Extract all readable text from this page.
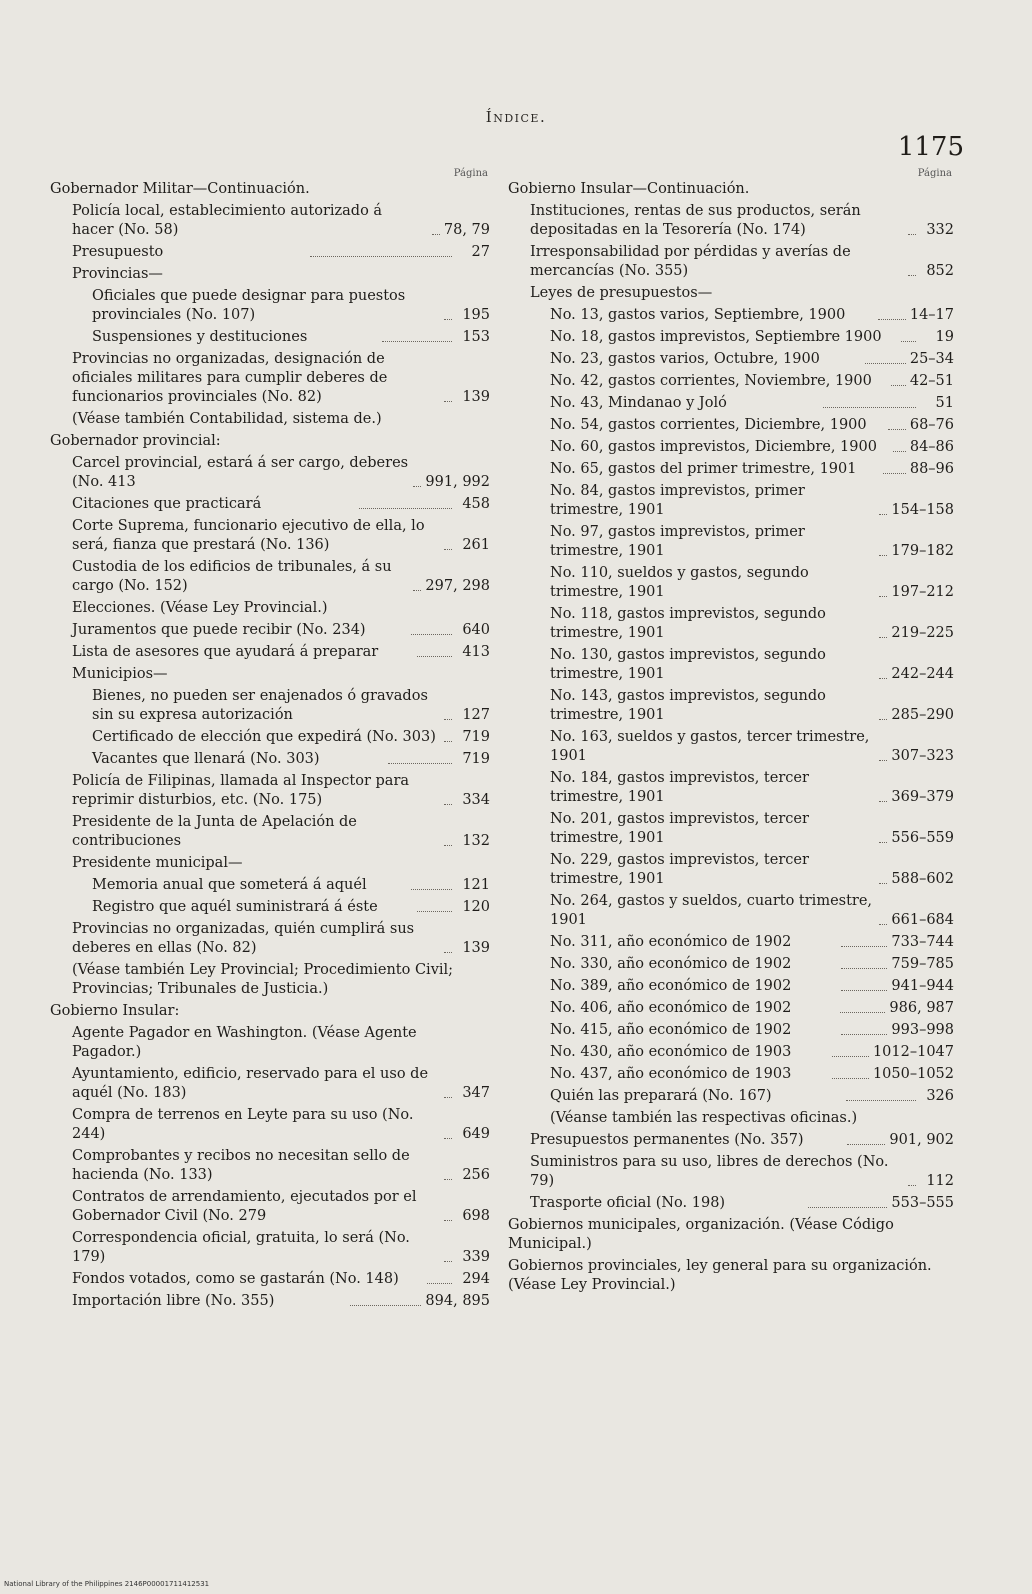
Índice.
1175
Página
Gobernador Militar—Continuación.
Policía local, establecimiento autorizado á hacer (No. 58)	78, 79
Presupuesto	27
Provincias—
Oficiales que puede designar para puestos provinciales (No. 107)	195
Suspensiones y destituciones	153
Provincias no organizadas, designación de oficiales militares para cumplir deberes de funcionarios provinciales (No. 82)	139
(Véase también Contabilidad, sistema de.)
Gobernador provincial:
Carcel provincial, estará á ser cargo, deberes (No. 413	991, 992
Citaciones que practicará	458
Corte Suprema, funcionario ejecutivo de ella, lo será, fianza que prestará (No. 136)	261
Custodia de los edificios de tribunales, á su cargo (No. 152)	297, 298
Elecciones. (Véase Ley Provincial.)
Juramentos que puede recibir (No. 234)	640
Lista de asesores que ayudará á preparar	413
Municipios—
Bienes, no pueden ser enajenados ó gravados sin su expresa autorización	127
Certificado de elección que expedirá (No. 303)	719
Vacantes que llenará (No. 303)	719
Policía de Filipinas, llamada al Inspector para reprimir disturbios, etc. (No. 175)	334
Presidente de la Junta de Apelación de contribuciones	132
Presidente municipal—
Memoria anual que someterá á aquél	121
Registro que aquél suministrará á éste	120
Provincias no organizadas, quién cumplirá sus deberes en ellas (No. 82)	139
(Véase también Ley Provincial; Procedimiento Civil; Provincias; Tribunales de Justicia.)
Gobierno Insular:
Agente Pagador en Washington. (Véase Agente Pagador.)
Ayuntamiento, edificio, reservado para el uso de aquél (No. 183)	347
Compra de terrenos en Leyte para su uso (No. 244)	649
Comprobantes y recibos no necesitan sello de hacienda (No. 133)	256
Contratos de arrendamiento, ejecutados por el Gobernador Civil (No. 279	698
Correspondencia oficial, gratuita, lo será (No. 179)	339
Fondos votados, como se gastarán (No. 148)	294
Importación libre (No. 355)	894, 895
Página
Gobierno Insular—Continuación.
Instituciones, rentas de sus productos, serán depositadas en la Tesorería (No. 174)	332
Irresponsabilidad por pérdidas y averías de mercancías (No. 355)	852
Leyes de presupuestos—
No. 13, gastos varios, Septiembre, 1900	14–17
No. 18, gastos imprevistos, Septiembre 1900	19
No. 23, gastos varios, Octubre, 1900	25–34
No. 42, gastos corrientes, Noviembre, 1900	42–51
No. 43, Mindanao y Joló	51
No. 54, gastos corrientes, Diciembre, 1900	68–76
No. 60, gastos imprevistos, Diciembre, 1900	84–86
No. 65, gastos del primer trimestre, 1901	88–96
No. 84, gastos imprevistos, primer trimestre, 1901	154–158
No. 97, gastos imprevistos, primer trimestre, 1901	179–182
No. 110, sueldos y gastos, segundo trimestre, 1901	197–212
No. 118, gastos imprevistos, segundo trimestre, 1901	219–225
No. 130, gastos imprevistos, segundo trimestre, 1901	242–244
No. 143, gastos imprevistos, segundo trimestre, 1901	285–290
No. 163, sueldos y gastos, tercer trimestre, 1901	307–323
No. 184, gastos imprevistos, tercer trimestre, 1901	369–379
No. 201, gastos imprevistos, tercer trimestre, 1901	556–559
No. 229, gastos imprevistos, tercer trimestre, 1901	588–602
No. 264, gastos y sueldos, cuarto trimestre, 1901	661–684
No. 311, año económico de 1902	733–744
No. 330, año económico de 1902	759–785
No. 389, año económico de 1902	941–944
No. 406, año económico de 1902	986, 987
No. 415, año económico de 1902	993–998
No. 430, año económico de 1903	1012–1047
No. 437, año económico de 1903	1050–1052
Quién las preparará (No. 167)	326
(Véanse también las respectivas oficinas.)
Presupuestos permanentes (No. 357)	901, 902
Suministros para su uso, libres de derechos (No. 79)	112
Trasporte oficial (No. 198)	553–555
Gobiernos municipales, organización. (Véase Código Municipal.)
Gobiernos provinciales, ley general para su organización. (Véase Ley Provincial.)
National Library of the Philippines 2146P00001711412531
